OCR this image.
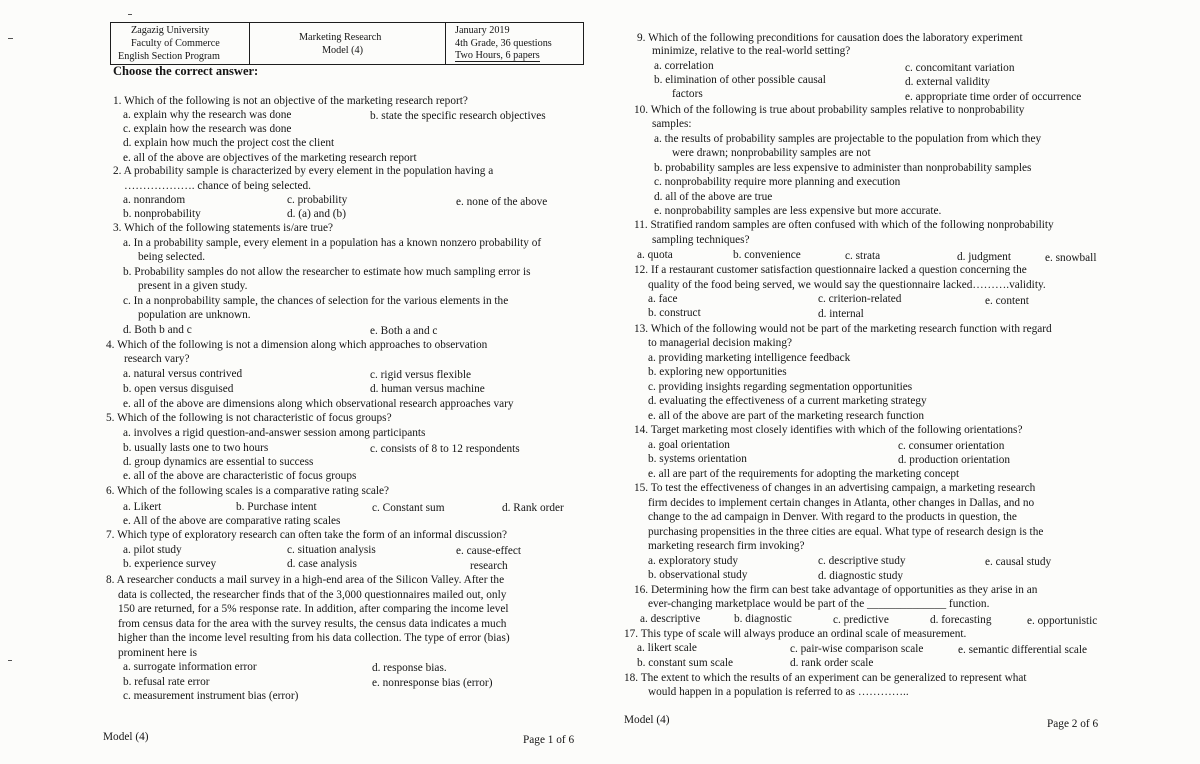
Zagazig University
Faculty of Commerce
English Section Program
Marketing Research
Model (4)
January 2019
4th Grade, 36 questions
Two Hours, 6 papers
Choose the correct answer:
1. Which of the following is not an objective of the marketing research report?
a. explain why the research was done	b. state the specific research objectives
c. explain how the research was done
d. explain how much the project cost the client
e. all of the above are objectives of the marketing research report
2. A probability sample is characterized by every element in the population having a
………………. chance of being selected.
a. nonrandom	c. probability	e. none of the above
b. nonprobability	d. (a) and (b)
3. Which of the following statements is/are true?
a. In a probability sample, every element in a population has a known nonzero probability of
being selected.
b. Probability samples do not allow the researcher to estimate how much sampling error is
present in a given study.
c. In a nonprobability sample, the chances of selection for the various elements in the
population are unknown.
d. Both b and c	e. Both a and c
4. Which of the following is not a dimension along which approaches to observation
research vary?
a. natural versus contrived	c. rigid versus flexible
b. open versus disguised	d. human versus machine
e. all of the above are dimensions along which observational research approaches vary
5. Which of the following is not characteristic of focus groups?
a. involves a rigid question-and-answer session among participants
b. usually lasts one to two hours	c. consists of 8 to 12 respondents
d. group dynamics are essential to success
e. all of the above are characteristic of focus groups
6. Which of the following scales is a comparative rating scale?
a. Likert	b. Purchase intent	c. Constant sum	d. Rank order
e. All of the above are comparative rating scales
7. Which type of exploratory research can often take the form of an informal discussion?
a. pilot study	c. situation analysis	e. cause-effect
b. experience survey	d. case analysis	research
8. A researcher conducts a mail survey in a high-end area of the Silicon Valley. After the
data is collected, the researcher finds that of the 3,000 questionnaires mailed out, only
150 are returned, for a 5% response rate. In addition, after comparing the income level
from census data for the area with the survey results, the census data indicates a much
higher than the income level resulting from his data collection. The type of error (bias)
prominent here is
a. surrogate information error	d. response bias.
b. refusal rate error	e. nonresponse bias (error)
c. measurement instrument bias (error)
9. Which of the following preconditions for causation does the laboratory experiment
minimize, relative to the real-world setting?
a. correlation	c. concomitant variation
b. elimination of other possible causal	d. external validity
factors	e. appropriate time order of occurrence
10. Which of the following is true about probability samples relative to nonprobability
samples:
a. the results of probability samples are projectable to the population from which they
were drawn; nonprobability samples are not
b. probability samples are less expensive to administer than nonprobability samples
c. nonprobability require more planning and execution
d. all of the above are true
e. nonprobability samples are less expensive but more accurate.
11. Stratified random samples are often confused with which of the following nonprobability
sampling techniques?
a. quota	b. convenience	c. strata	d. judgment	e. snowball
12. If a restaurant customer satisfaction questionnaire lacked a question concerning the
quality of the food being served, we would say the questionnaire lacked……….validity.
a. face	c. criterion-related	e. content
b. construct	d. internal
13. Which of the following would not be part of the marketing research function with regard
to managerial decision making?
a. providing marketing intelligence feedback
b. exploring new opportunities
c. providing insights regarding segmentation opportunities
d. evaluating the effectiveness of a current marketing strategy
e. all of the above are part of the marketing research function
14. Target marketing most closely identifies with which of the following orientations?
a. goal orientation	c. consumer orientation
b. systems orientation	d. production orientation
e. all are part of the requirements for adopting the marketing concept
15. To test the effectiveness of changes in an advertising campaign, a marketing research
firm decides to implement certain changes in Atlanta, other changes in Dallas, and no
change to the ad campaign in Denver. With regard to the products in question, the
purchasing propensities in the three cities are equal. What type of research design is the
marketing research firm invoking?
a. exploratory study	c. descriptive study	e. causal study
b. observational study	d. diagnostic study
16. Determining how the firm can best take advantage of opportunities as they arise in an
ever-changing marketplace would be part of the ______________ function.
a. descriptive	b. diagnostic	c. predictive	d. forecasting	e. opportunistic
17. This type of scale will always produce an ordinal scale of measurement.
a. likert scale	c. pair-wise comparison scale	e. semantic differential scale
b. constant sum scale	d. rank order scale
18. The extent to which the results of an experiment can be generalized to represent what
would happen in a population is referred to as …………..
Model (4)	Page 1 of 6
Model (4)	Page 2 of 6
